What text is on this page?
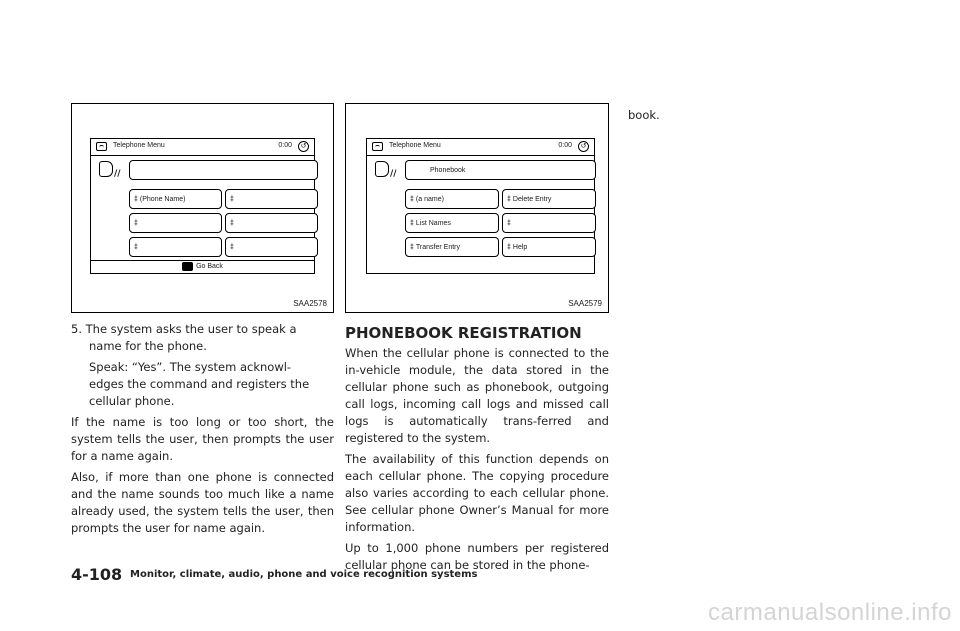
Telephone Menu	0:00	↺
//
‡ (Phone Name)	‡
‡	‡
‡	‡
Go Back
SAA2578
Telephone Menu	0:00	↺
//	Phonebook
‡ (a name)	‡ Delete Entry
‡ List Names	‡
‡ Transfer Entry	‡ Help
SAA2579

5. The system asks the user to speak a

name for the phone.

Speak: “Yes”. The system acknowl-

edges the command and registers the

cellular phone.

If the name is too long or too short, the system tells the user, then prompts the user for a name again.

Also, if more than one phone is connected and the name sounds too much like a name already used, the system tells the user, then prompts the user for name again.

PHONEBOOK REGISTRATION

When the cellular phone is connected to the in-vehicle module, the data stored in the cellular phone such as phonebook, outgoing call logs, incoming call logs and missed call logs is automatically trans-ferred and registered to the system.

The availability of this function depends on each cellular phone. The copying procedure also varies according to each cellular phone. See cellular phone Owner’s Manual for more information.

Up to 1,000 phone numbers per registered cellular phone can be stored in the phone-

book.
4-108 Monitor, climate, audio, phone and voice recognition systems
carmanualsonline.info
